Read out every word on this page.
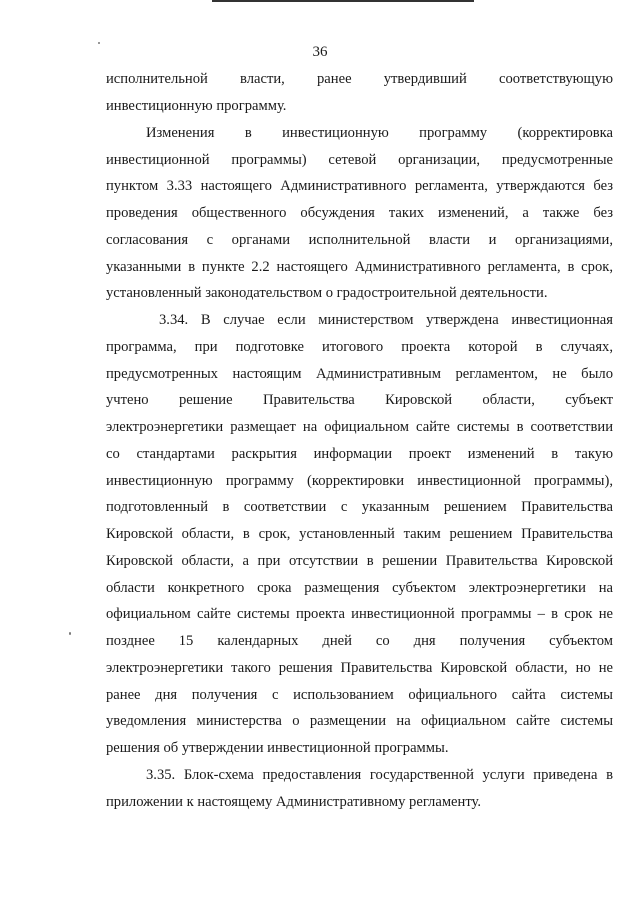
36
исполнительной власти, ранее утвердивший соответствующую
инвестиционную программу.
Изменения в инвестиционную программу (корректировка
инвестиционной программы) сетевой организации, предусмотренные
пунктом 3.33 настоящего Административного регламента, утверждаются без
проведения общественного обсуждения таких изменений, а также без
согласования с органами исполнительной власти и организациями,
указанными в пункте 2.2 настоящего Административного регламента, в срок,
установленный законодательством о градостроительной деятельности.
3.34. В случае если министерством утверждена инвестиционная
программа, при подготовке итогового проекта которой в случаях,
предусмотренных настоящим Административным регламентом, не было
учтено решение Правительства Кировской области, субъект
электроэнергетики размещает на официальном сайте системы в соответствии
со стандартами раскрытия информации проект изменений в такую
инвестиционную программу (корректировки инвестиционной программы),
подготовленный в соответствии с указанным решением Правительства
Кировской области, в срок, установленный таким решением Правительства
Кировской области, а при отсутствии в решении Правительства Кировской
области конкретного срока размещения субъектом электроэнергетики на
официальном сайте системы проекта инвестиционной программы – в срок не
позднее 15 календарных дней со дня получения субъектом
электроэнергетики такого решения Правительства Кировской области, но не
ранее дня получения с использованием официального сайта системы
уведомления министерства о размещении на официальном сайте системы
решения об утверждении инвестиционной программы.
3.35. Блок-схема предоставления государственной услуги приведена в
приложении к настоящему Административному регламенту.
